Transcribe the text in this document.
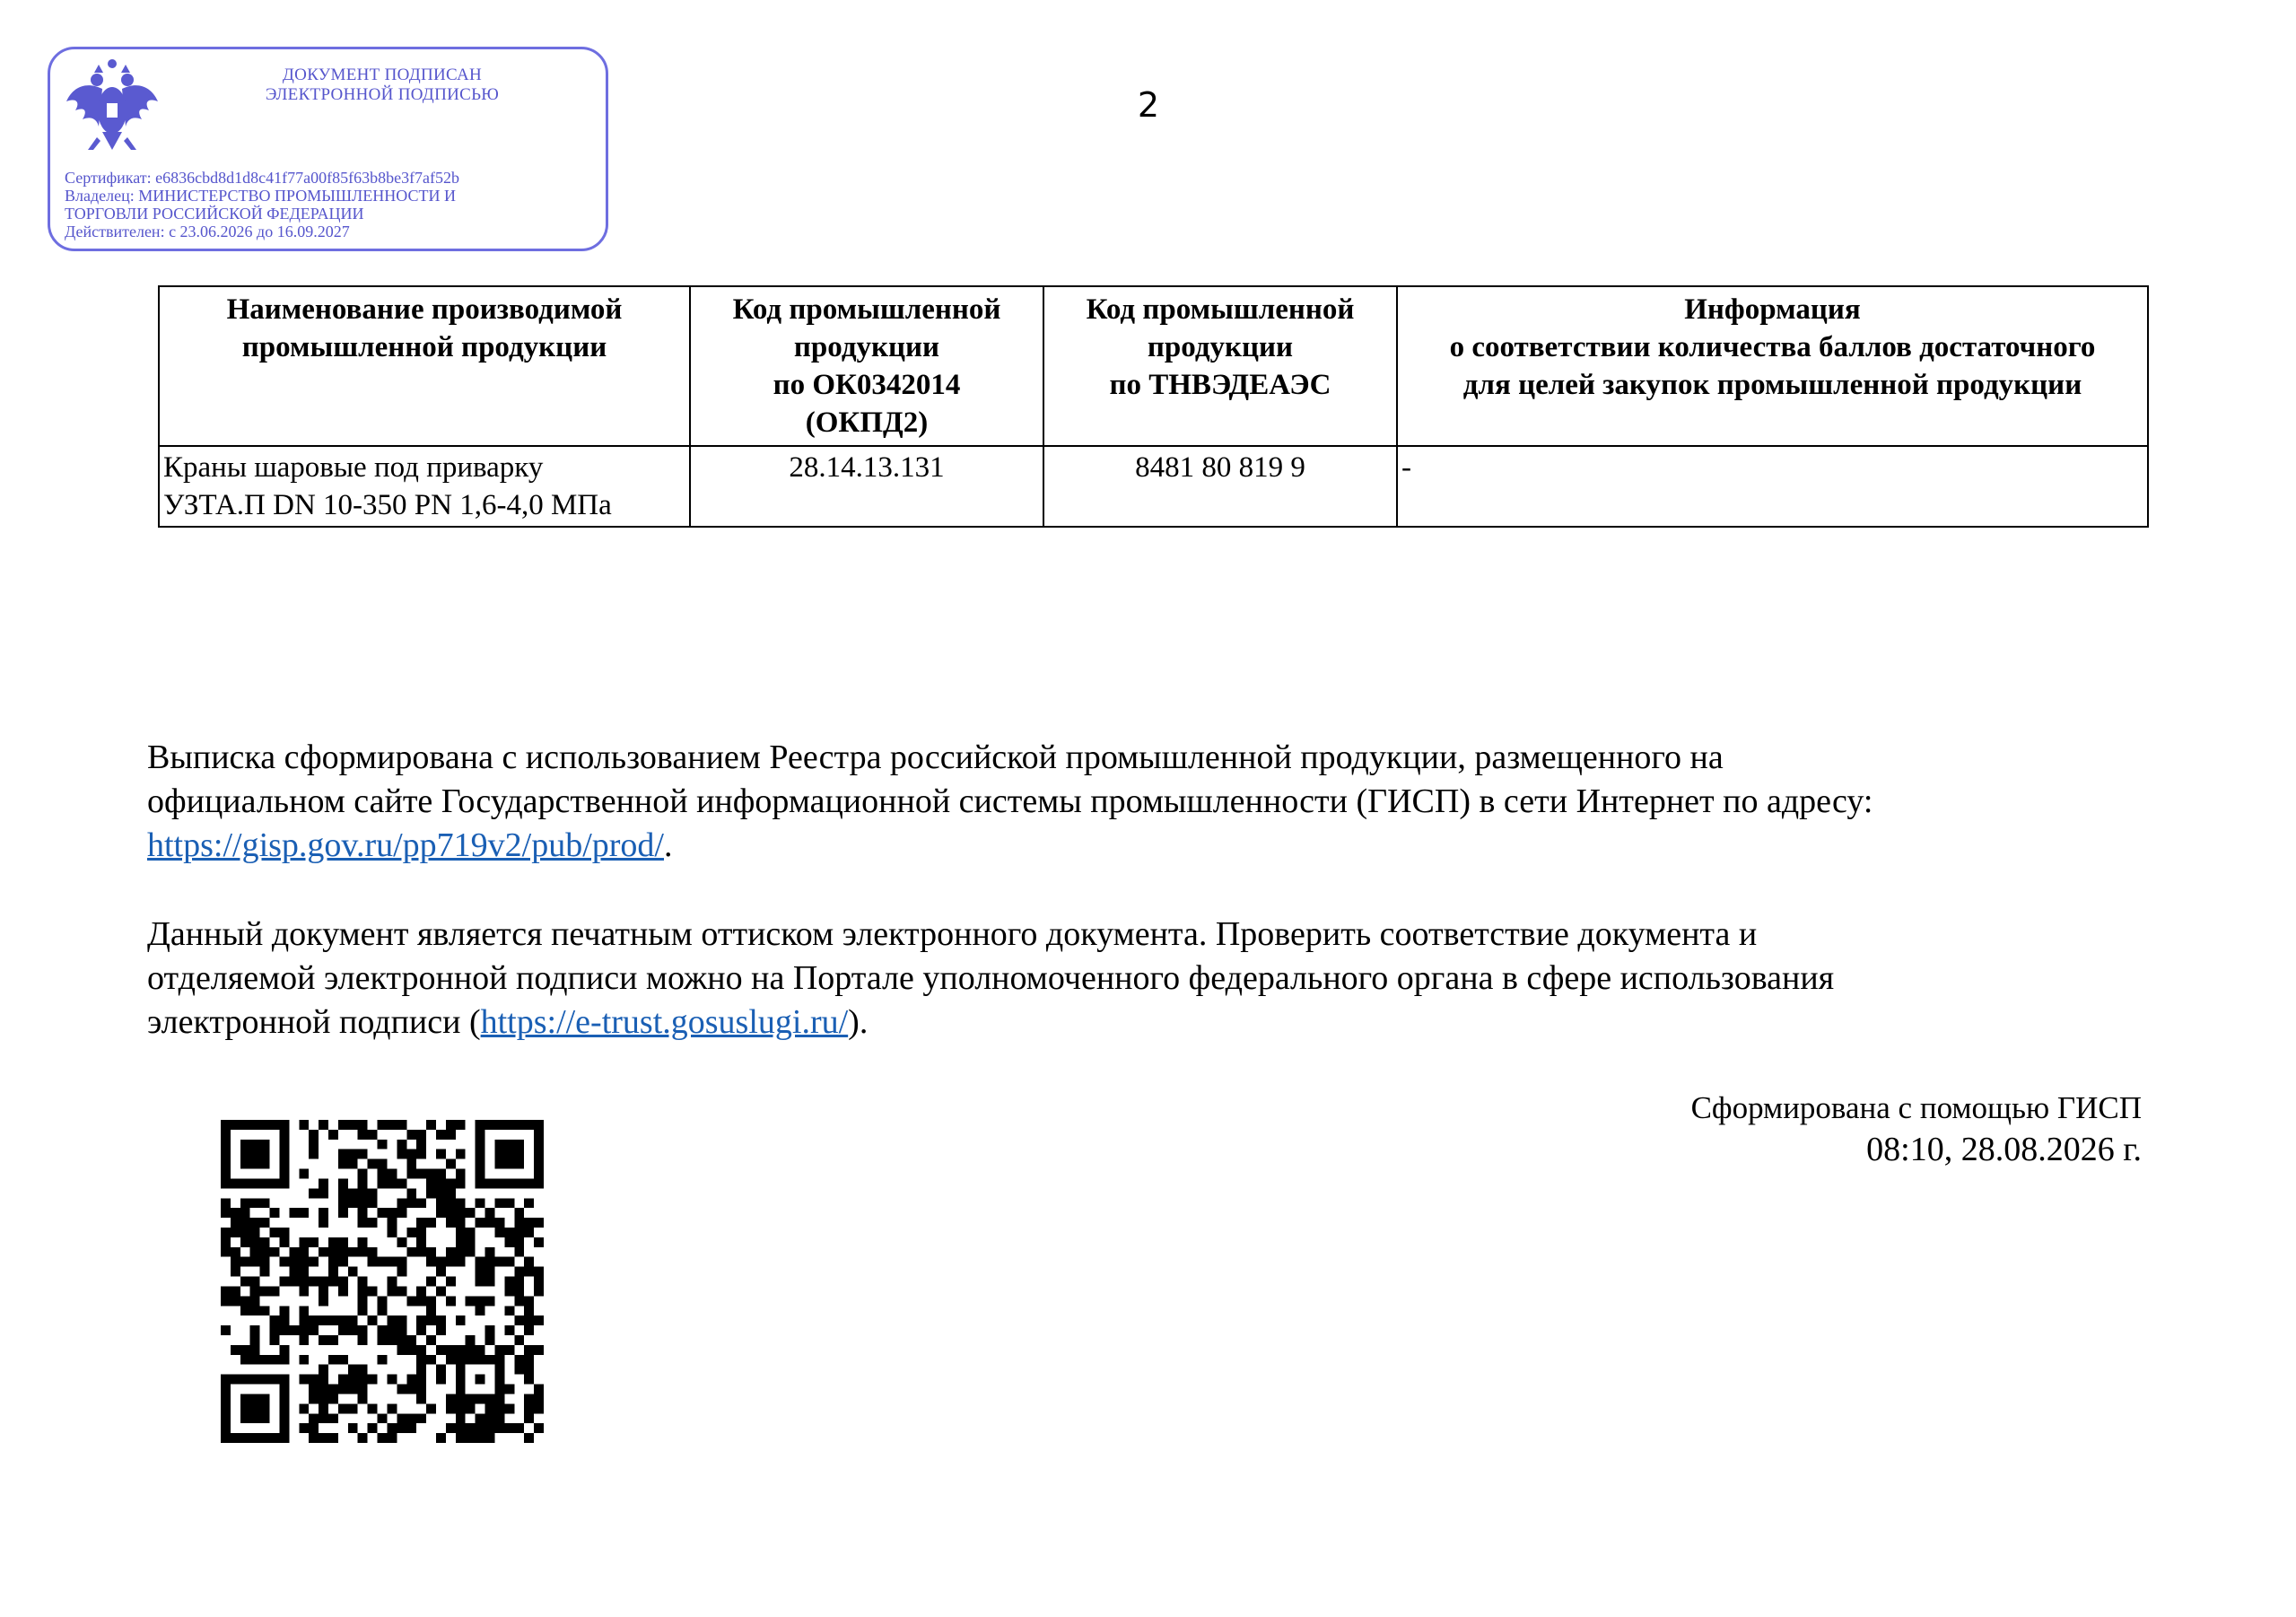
2
ДОКУМЕНТ ПОДПИСАН
ЭЛЕКТРОННОЙ ПОДПИСЬЮ
Сертификат: e6836cbd8d1d8c41f77a00f85f63b8be3f7af52b
Владелец: МИНИСТЕРСТВО ПРОМЫШЛЕННОСТИ И
ТОРГОВЛИ РОССИЙСКОЙ ФЕДЕРАЦИИ
Действителен: с 23.06.2026 до 16.09.2027
Наименование производимой
промышленной продукции	Код промышленной
продукции
по ОК0342014
(ОКПД2)	Код промышленной
продукции
по ТНВЭДЕАЭС	Информация
о соответствии количества баллов достаточного
для целей закупок промышленной продукции

Краны шаровые под приварку
УЗТА.П DN 10-350 PN 1,6-4,0 МПа	28.14.13.131	8481 80 819 9	-
Выписка сформирована с использованием Реестра российской промышленной продукции, размещенного на
официальном сайте Государственной информационной системы промышленности (ГИСП) в сети Интернет по адресу:
https://gisp.gov.ru/pp719v2/pub/prod/.
Данный документ является печатным оттиском электронного документа. Проверить соответствие документа и
отделяемой электронной подписи можно на Портале уполномоченного федерального органа в сфере использования
электронной подписи (https://e-trust.gosuslugi.ru/).
Сформирована с помощью ГИСП
08:10, 28.08.2026 г.
